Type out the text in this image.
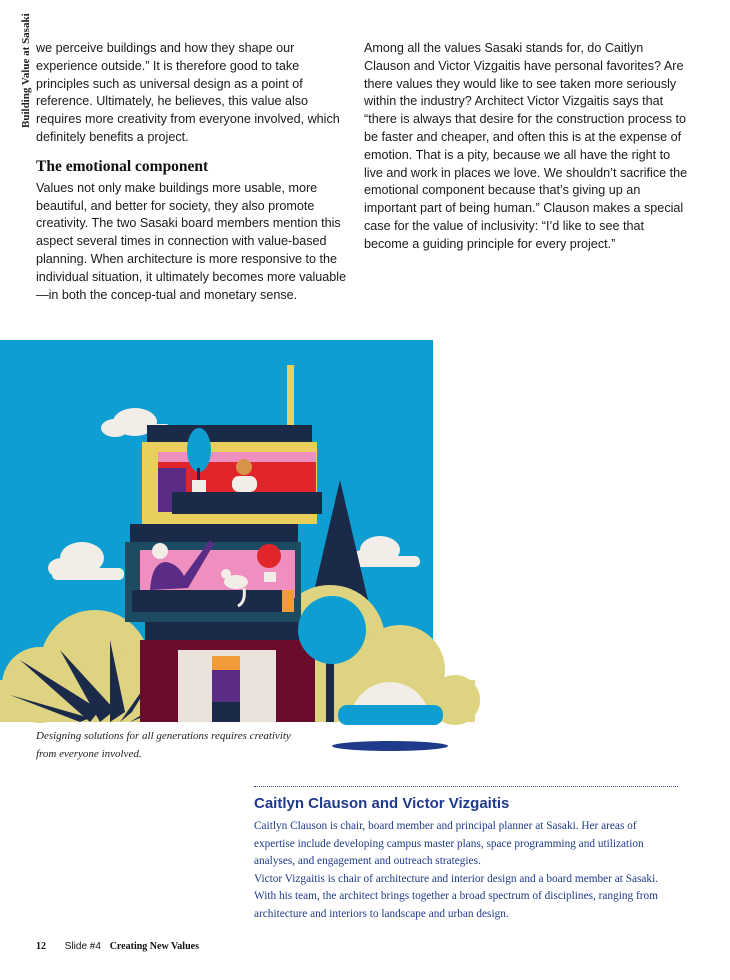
Building Value at Sasaki we perceive buildings and how they shape our experience outside.” It is therefore good to take principles such as universal design as a point of reference. Ultimately, he believes, this value also requires more creativity from everyone involved, which definitely benefits a project.

The emotional component

Values not only make buildings more usable, more beautiful, and better for society, they also promote creativity. The two Sasaki board members mention this aspect several times in connection with value-based planning. When architecture is more responsive to the individual situation, it ultimately becomes more valuable—in both the concep-tual and monetary sense.

Among all the values Sasaki stands for, do Caitlyn Clauson and Victor Vizgaitis have personal favorites? Are there values they would like to see taken more seriously within the industry? Architect Victor Vizgaitis says that “there is always that desire for the construction process to be faster and cheaper, and often this is at the expense of emotion. That is a pity, because we all have the right to live and work in places we love. We shouldn’t sacrifice the emotional component because that’s giving up an important part of being human.” Clauson makes a special case for the value of inclusivity: “I’d like to see that become a guiding principle for every project.”

Designing solutions for all generations requires creativity from everyone involved.
Caitlyn Clauson and Victor Vizgaitis

Caitlyn Clauson is chair, board member and principal planner at Sasaki. Her areas of expertise include developing campus master plans, space programming and utilization analyses, and engagement and outreach strategies.

Victor Vizgaitis is chair of architecture and interior design and a board member at Sasaki. With his team, the architect brings together a broad spectrum of disciplines, ranging from architecture and interiors to landscape and urban design.

12 Slide #4 Creating New Values
